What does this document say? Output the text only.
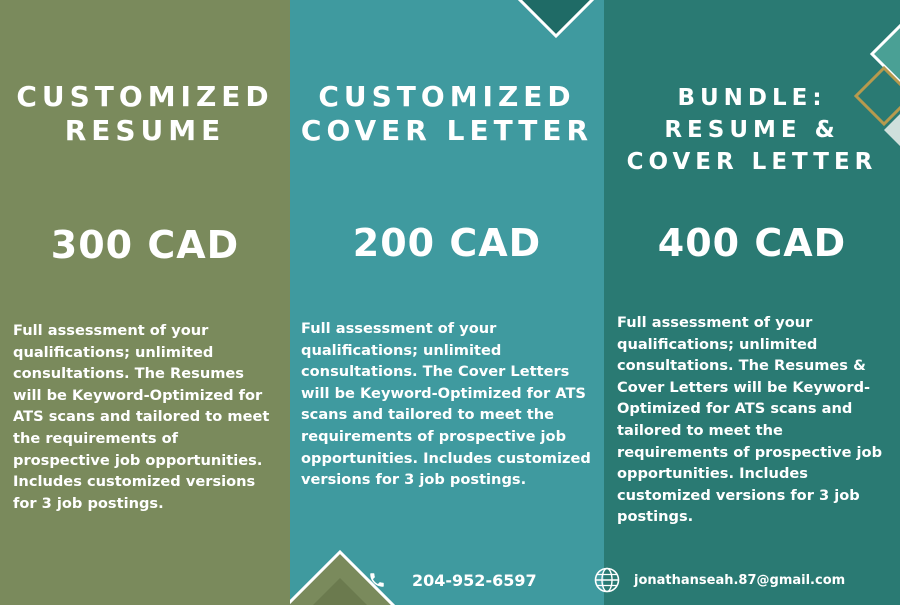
CUSTOMIZED
RESUME
300 CAD

Full assessment of your qualifications; unlimited consultations. The Resumes will be Keyword-Optimized for ATS scans and tailored to meet the requirements of prospective job opportunities. Includes customized versions for 3 job postings.

CUSTOMIZED
COVER LETTER
200 CAD

Full assessment of your qualifications; unlimited consultations. The Cover Letters will be Keyword-Optimized for ATS scans and tailored to meet the requirements of prospective job opportunities. Includes customized versions for 3 job postings.

BUNDLE:
RESUME &
COVER LETTER
400 CAD

Full assessment of your qualifications; unlimited consultations. The Resumes & Cover Letters will be Keyword-Optimized for ATS scans and tailored to meet the requirements of prospective job opportunities. Includes customized versions for 3 job postings.

204-952-6597	jonathanseah.87@gmail.com
